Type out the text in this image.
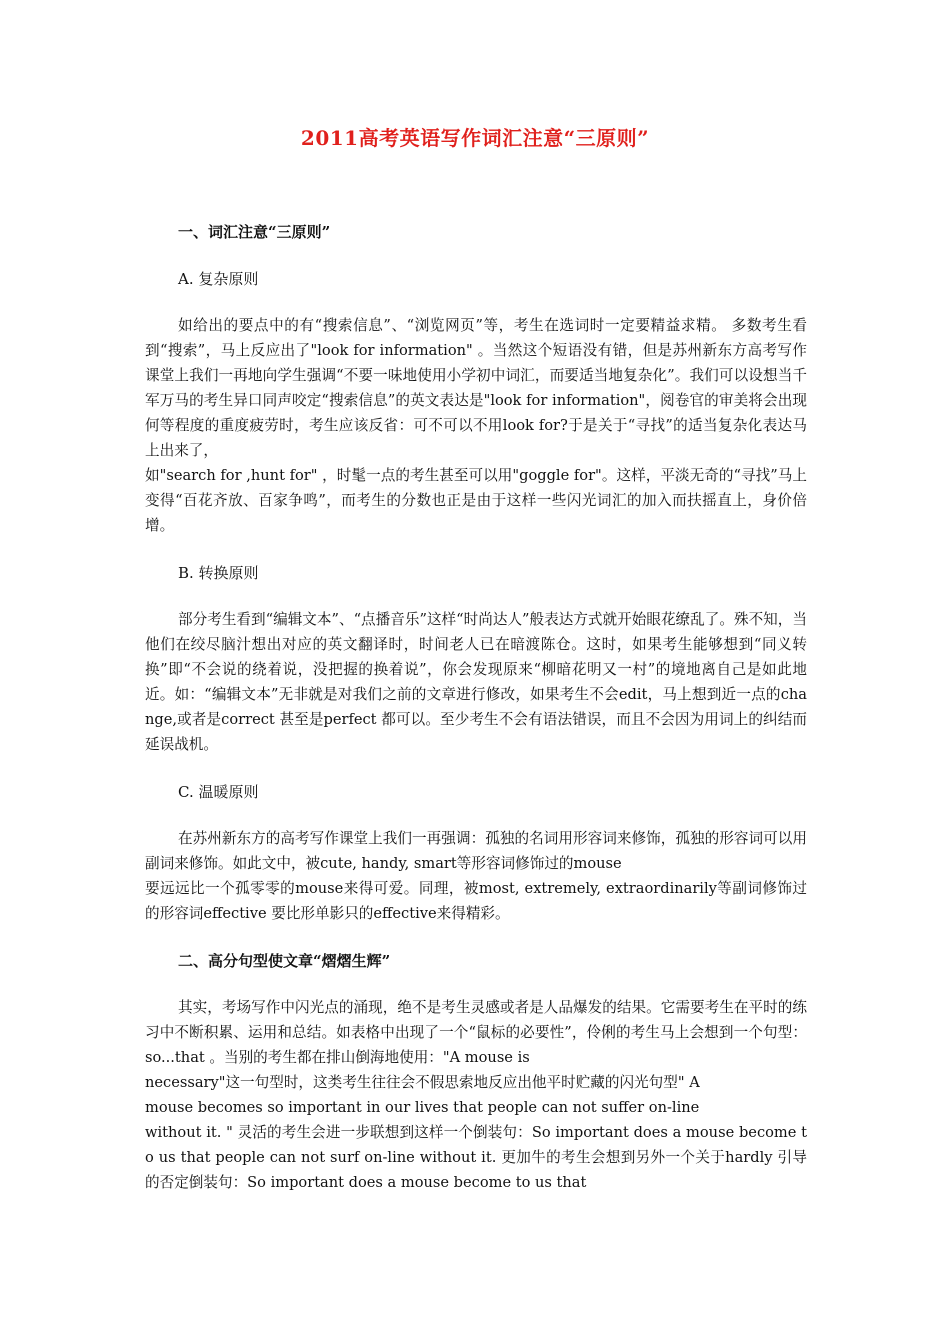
2011高考英语写作词汇注意“三原则”
一、词汇注意“三原则”
A. 复杂原则
如给出的要点中的有“搜索信息”、“浏览网页”等，考生在选词时一定要精益求精。 多数考生看到“搜索”，马上反应出了"look for information" 。当然这个短语没有错，但是苏州新东方高考写作课堂上我们一再地向学生强调“不要一味地使用小学初中词汇，而要适当地复杂化”。我们可以设想当千军万马的考生异口同声咬定“搜索信息”的英文表达是"look for information"，阅卷官的审美将会出现何等程度的重度疲劳时，考生应该反省：可不可以不用look for?于是关于“寻找”的适当复杂化表达马上出来了，
如"search for ,hunt for" ，时髦一点的考生甚至可以用"goggle for"。这样，平淡无奇的“寻找”马上变得“百花齐放、百家争鸣”，而考生的分数也正是由于这样一些闪光词汇的加入而扶摇直上，身价倍增。
B. 转换原则
部分考生看到“编辑文本”、“点播音乐”这样“时尚达人”般表达方式就开始眼花缭乱了。殊不知，当他们在绞尽脑汁想出对应的英文翻译时，时间老人已在暗渡陈仓。这时，如果考生能够想到“同义转换”即“不会说的绕着说，没把握的换着说”，你会发现原来“柳暗花明又一村”的境地离自己是如此地近。如：“编辑文本”无非就是对我们之前的文章进行修改，如果考生不会edit，马上想到近一点的change,或者是correct 甚至是perfect 都可以。至少考生不会有语法错误，而且不会因为用词上的纠结而延误战机。
C. 温暖原则
在苏州新东方的高考写作课堂上我们一再强调：孤独的名词用形容词来修饰，孤独的形容词可以用副词来修饰。如此文中，被cute, handy, smart等形容词修饰过的mouse
要远远比一个孤零零的mouse来得可爱。同理，被most, extremely, extraordinarily等副词修饰过的形容词effective 要比形单影只的effective来得精彩。
二、高分句型使文章“熠熠生辉”
其实，考场写作中闪光点的涌现，绝不是考生灵感或者是人品爆发的结果。它需要考生在平时的练习中不断积累、运用和总结。如表格中出现了一个“鼠标的必要性”，伶俐的考生马上会想到一个句型：so...that 。当别的考生都在排山倒海地使用："A mouse is
necessary"这一句型时，这类考生往往会不假思索地反应出他平时贮藏的闪光句型" A
mouse becomes so important in our lives that people can not suffer on-line
without it. " 灵活的考生会进一步联想到这样一个倒装句：So important does a mouse become to us that people can not surf on-line without it. 更加牛的考生会想到另外一个关于hardly 引导的否定倒装句：So important does a mouse become to us that
